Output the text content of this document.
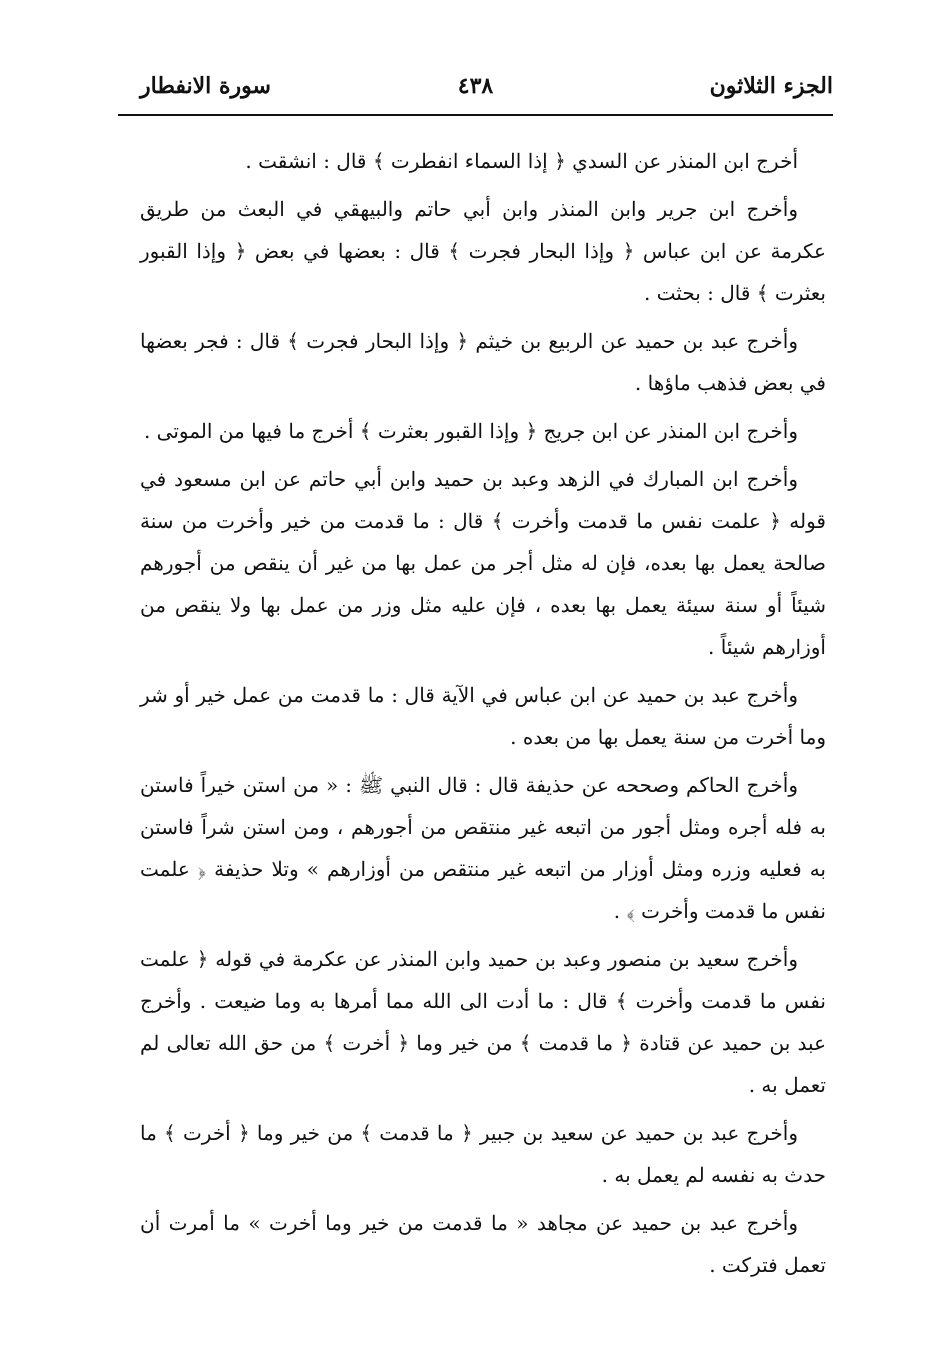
الجزء الثلاثون
٤٣٨
سورة الانفطار

أخرج ابن المنذر عن السدي ﴿ إذا السماء انفطرت ﴾ قال : انشقت .

وأخرج ابن جرير وابن المنذر وابن أبي حاتم والبيهقي في البعث من طريق عكرمة عن ابن عباس ﴿ وإذا البحار فجرت ﴾ قال : بعضها في بعض ﴿ وإذا القبور بعثرت ﴾ قال : بحثت .

وأخرج عبد بن حميد عن الربيع بن خيثم ﴿ وإذا البحار فجرت ﴾ قال : فجر بعضها في بعض فذهب ماؤها .

وأخرج ابن المنذر عن ابن جريج ﴿ وإذا القبور بعثرت ﴾ أخرج ما فيها من الموتى .

وأخرج ابن المبارك في الزهد وعبد بن حميد وابن أبي حاتم عن ابن مسعود في قوله ﴿ علمت نفس ما قدمت وأخرت ﴾ قال : ما قدمت من خير وأخرت من سنة صالحة يعمل بها بعده، فإن له مثل أجر من عمل بها من غير أن ينقص من أجورهم شيئاً أو سنة سيئة يعمل بها بعده ، فإن عليه مثل وزر من عمل بها ولا ينقص من أوزارهم شيئاً .

وأخرج عبد بن حميد عن ابن عباس في الآية قال : ما قدمت من عمل خير أو شر وما أخرت من سنة يعمل بها من بعده .

وأخرج الحاكم وصححه عن حذيفة قال : قال النبي ﷺ : « من استن خيراً فاستن به فله أجره ومثل أجور من اتبعه غير منتقص من أجورهم ، ومن استن شراً فاستن به فعليه وزره ومثل أوزار من اتبعه غير منتقص من أوزارهم » وتلا حذيفة ﴿ علمت نفس ما قدمت وأخرت ﴾ .

وأخرج سعيد بن منصور وعبد بن حميد وابن المنذر عن عكرمة في قوله ﴿ علمت نفس ما قدمت وأخرت ﴾ قال : ما أدت الى الله مما أمرها به وما ضيعت . وأخرج عبد بن حميد عن قتادة ﴿ ما قدمت ﴾ من خير وما ﴿ أخرت ﴾ من حق الله تعالى لم تعمل به .

وأخرج عبد بن حميد عن سعيد بن جبير ﴿ ما قدمت ﴾ من خير وما ﴿ أخرت ﴾ ما حدث به نفسه لم يعمل به .

وأخرج عبد بن حميد عن مجاهد « ما قدمت من خير وما أخرت » ما أمرت أن تعمل فتركت .
